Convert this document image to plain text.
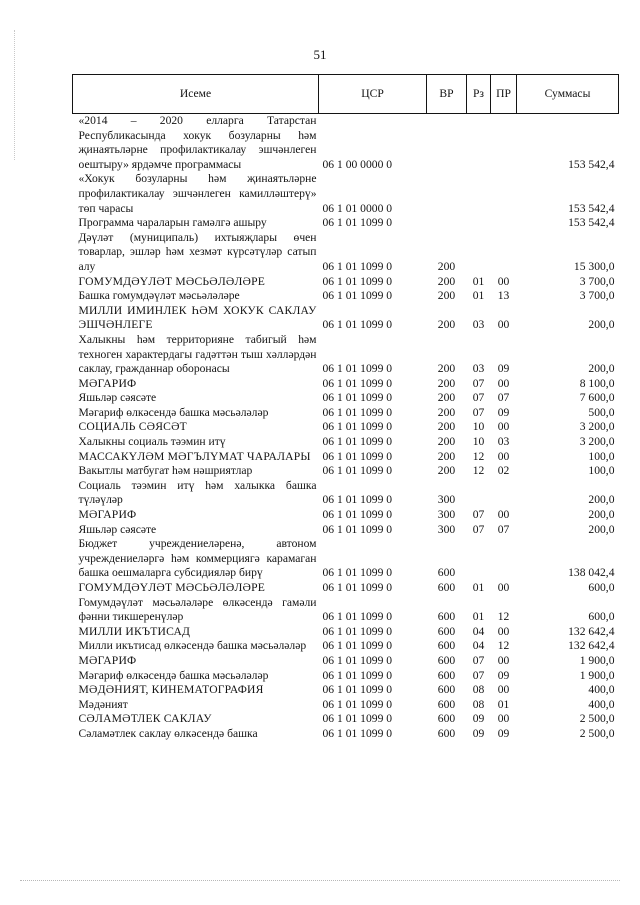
51
Исеме	ЦСР	ВР	Рз	ПР	Суммасы
«2014 – 2020 елларга Татарстан Республикасында хокук бозуларны һәм җинаятьләрне профилактикалау эшчәнлеген оештыру» ярдәмче программасы	06 1 00 0000 0				153 542,4
«Хокук бозуларны һәм җинаятьләрне профилактикалау эшчәнлеген камилләштерү» төп чарасы	06 1 01 0000 0				153 542,4
Программа чараларын гамәлгә ашыру	06 1 01 1099 0				153 542,4
Дәүләт (муниципаль) ихтыяҗлары өчен товарлар, эшләр һәм хезмәт күрсәтүләр сатып алу	06 1 01 1099 0	200			15 300,0
ГОМУМДӘҮЛӘТ МӘСЬӘЛӘЛӘРЕ	06 1 01 1099 0	200	01	00	3 700,0
Башка гомумдәүләт мәсьәләләре	06 1 01 1099 0	200	01	13	3 700,0
МИЛЛИ ИМИНЛЕК ҺӘМ ХОКУК САКЛАУ ЭШЧӘНЛЕГЕ	06 1 01 1099 0	200	03	00	200,0
Халыкны һәм территорияне табигый һәм техноген характердагы гадәттән тыш хәлләрдән саклау, гражданнар оборонасы	06 1 01 1099 0	200	03	09	200,0
МӘГАРИФ	06 1 01 1099 0	200	07	00	8 100,0
Яшьләр сәясәте	06 1 01 1099 0	200	07	07	7 600,0
Мәгариф өлкәсендә башка мәсьәләләр	06 1 01 1099 0	200	07	09	500,0
СОЦИАЛЬ СӘЯСӘТ	06 1 01 1099 0	200	10	00	3 200,0
Халыкны социаль тәэмин итү	06 1 01 1099 0	200	10	03	3 200,0
МАССАКҮЛӘМ МӘГЪЛҮМАТ ЧАРАЛАРЫ	06 1 01 1099 0	200	12	00	100,0
Вакытлы матбугат һәм нәшриятлар	06 1 01 1099 0	200	12	02	100,0
Социаль тәэмин итү һәм халыкка башка түләүләр	06 1 01 1099 0	300			200,0
МӘГАРИФ	06 1 01 1099 0	300	07	00	200,0
Яшьләр сәясәте	06 1 01 1099 0	300	07	07	200,0
Бюджет учреждениеләренә, автоном учреждениеләргә һәм коммерциягә карамаган башка оешмаларга субсидияләр бирү	06 1 01 1099 0	600			138 042,4
ГОМУМДӘҮЛӘТ МӘСЬӘЛӘЛӘРЕ	06 1 01 1099 0	600	01	00	600,0
Гомумдәүләт мәсьәләләре өлкәсендә гамәли фәнни тикшеренүләр	06 1 01 1099 0	600	01	12	600,0
МИЛЛИ ИКЪТИСАД	06 1 01 1099 0	600	04	00	132 642,4
Милли икътисад өлкәсендә башка мәсьәләләр	06 1 01 1099 0	600	04	12	132 642,4
МӘГАРИФ	06 1 01 1099 0	600	07	00	1 900,0
Мәгариф өлкәсендә башка мәсьәләләр	06 1 01 1099 0	600	07	09	1 900,0
МӘДӘНИЯТ, КИНЕМАТОГРАФИЯ	06 1 01 1099 0	600	08	00	400,0
Мәдәният	06 1 01 1099 0	600	08	01	400,0
СӘЛАМӘТЛЕК САКЛАУ	06 1 01 1099 0	600	09	00	2 500,0
Сәламәтлек саклау өлкәсендә башка	06 1 01 1099 0	600	09	09	2 500,0
